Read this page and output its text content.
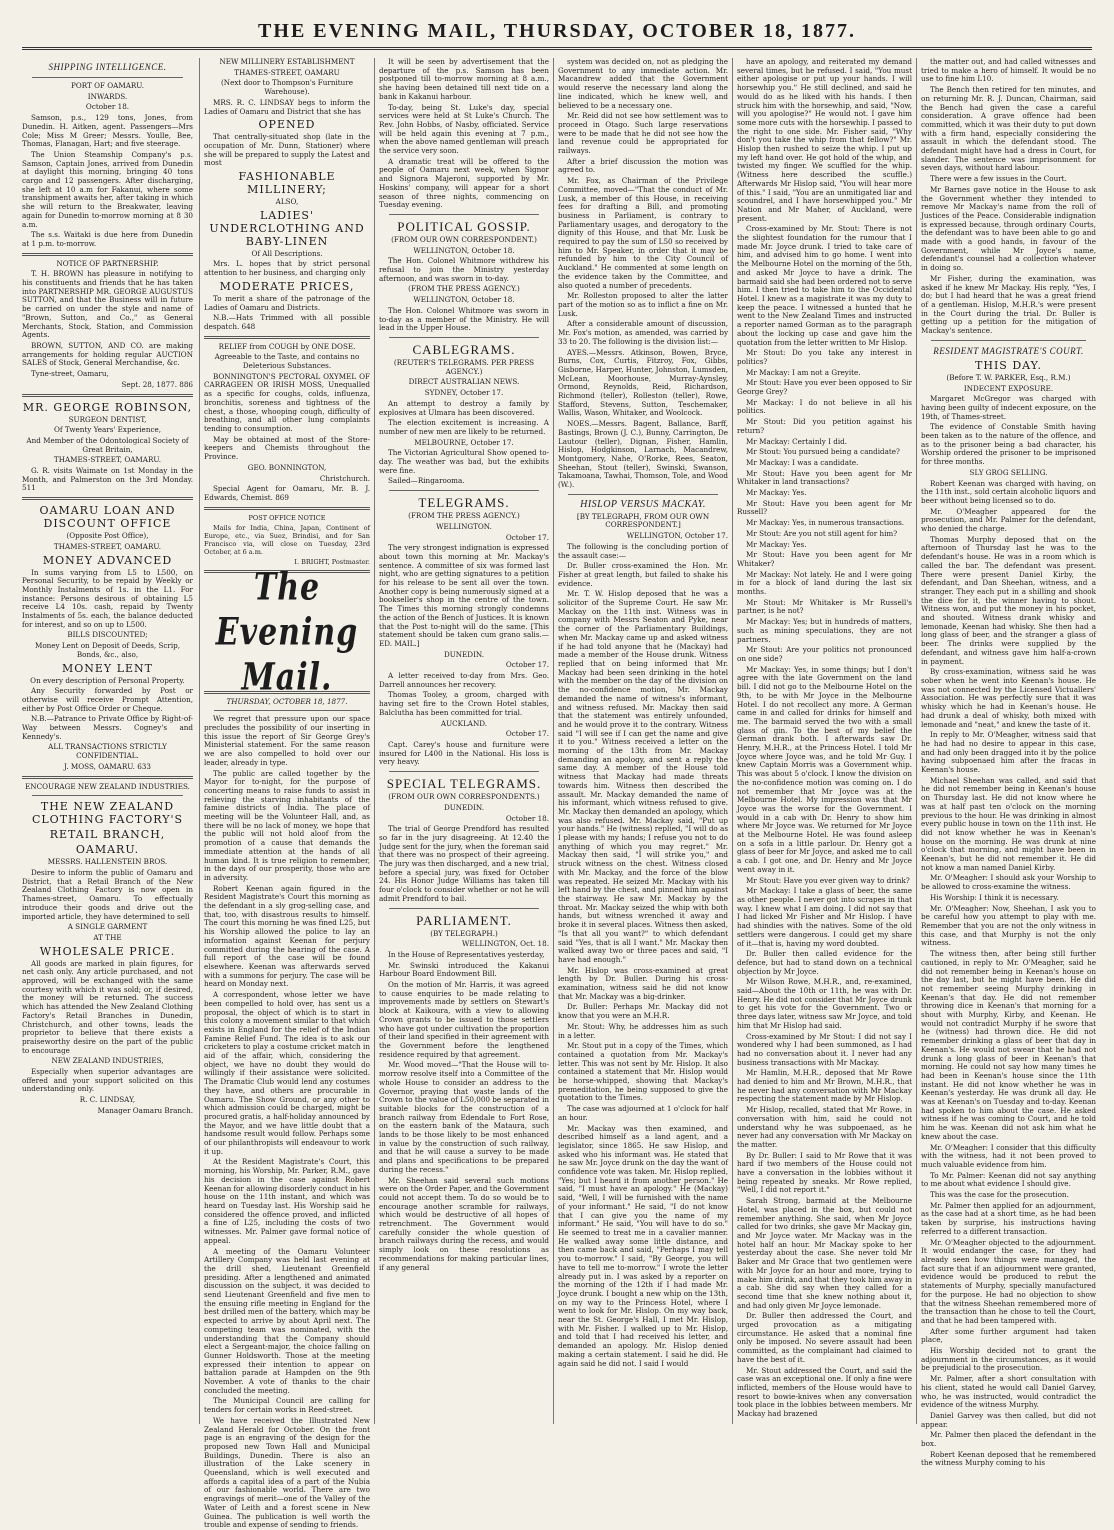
THE EVENING MAIL, THURSDAY, OCTOBER 18, 1877.
SHIPPING INTELLIGENCE.

PORT OF OAMARU.

INWARDS.

October 18.

Samson, p.s., 129 tons, Jones, from Dunedin. H. Aitken, agent. Passengers—Mrs Cole; Miss M Greer; Messrs. Youlle, Bee, Thomas, Flanagan, Hart; and five steerage.

The Union Steamship Company's p.s. Samson, Captain Jones, arrived from Dunedin at daylight this morning, bringing 40 tons cargo and 12 passengers. After discharging, she left at 10 a.m for Fakanui, where some transhipment awaits her, after taking in which she will return to the Breakwater, leaving again for Dunedin to-morrow morning at 8 30 a.m.

The s.s. Waitaki is due here from Dunedin at 1 p.m. to-morrow.

NOTICE OF PARTNERSHIP.

T. H. BROWN has pleasure in notifying to his constituents and friends that he has taken into PARTNERSHIP MR. GEORGE AUGUSTUS SUTTON, and that the Business will in future be carried on under the style and name of "Brown, Sutton, and Co.," as General Merchants, Stock, Station, and Commission Agents.

BROWN, SUTTON, AND CO. are making arrangements for holding regular AUCTION SALES of Stock, General Merchandise, &c.

Tyne-street, Oamaru,

Sept. 28, 1877. 886

MR. GEORGE ROBINSON,

SURGEON DENTIST,

Of Twenty Years' Experience,

And Member of the Odontological Society of Great Britain,

THAMES-STREET, OAMARU.

G. R. visits Waimate on 1st Monday in the Month, and Palmerston on the 3rd Monday. 511

OAMARU LOAN AND DISCOUNT OFFICE

(Opposite Post Office),

THAMES-STREET, OAMARU.

MONEY ADVANCED

In sums varying from L5 to L500, on Personal Security, to be repaid by Weekly or Monthly Instalments of 1s. in the L1. For instance: Persons desirous of obtaining L5 receive L4 10s. cash, repaid by Twenty Instalments of 5s. each, the balance deducted for interest, and so on up to L500.

BILLS DISCOUNTED;

Money Lent on Deposit of Deeds, Scrip, Bonds, &c., also,

MONEY LENT

On every description of Personal Property.

Any Security forwarded by Post or otherwise will receive Prompt Attention, either by Post Office Order or Cheque.

N.B.—Patrance to Private Office by Right-of-Way between Messrs. Cogney's and Kennedy's.

ALL TRANSACTIONS STRICTLY CONFIDENTIAL.

J. MOSS, OAMARU. 633

ENCOURAGE NEW ZEALAND INDUSTRIES.

THE NEW ZEALAND CLOTHING FACTORY'S

RETAIL BRANCH,

OAMARU.

MESSRS. HALLENSTEIN BROS.

Desire to inform the public of Oamaru and District, that a Retail Branch of the New Zealand Clothing Factory is now open in Thames-street, Oamaru. To effectually introduce their goods and drive out the imported article, they have determined to sell

A SINGLE GARMENT

AT THE

WHOLESALE PRICE.

All goods are marked in plain figures, for net cash only. Any article purchased, and not approved, will be exchanged with the same courtesy with which it was sold; or, if desired, the money will be returned. The success which has attended the New Zealand Clothing Factory's Retail Branches in Dunedin, Christchurch, and other towns, leads the proprietor to believe that there exists a praiseworthy desire on the part of the public to encourage

NEW ZEALAND INDUSTRIES,

Especially when superior advantages are offered and your support solicited on this understanding only.

R. C. LINDSAY,

Manager Oamaru Branch.

NEW MILLINERY ESTABLISHMENT

THAMES-STREET, OAMARU

(Next door to Thompson's Furniture Warehouse).

MRS. R. C. LINDSAY begs to inform the Ladies of Oamaru and District that she has

OPENED

That centrally-situated shop (late in the occupation of Mr. Dunn, Stationer) where she will be prepared to supply the Latest and most

FASHIONABLE MILLINERY;

ALSO,

LADIES' UNDERCLOTHING AND BABY-LINEN

Of All Descriptions.

Mrs. L. hopes that by strict personal attention to her business, and charging only

MODERATE PRICES,

To merit a share of the patronage of the Ladies of Oamaru and Districts.

N.B.—Hats Trimmed with all possible despatch. 648

RELIEF from COUGH by ONE DOSE.

Agreeable to the Taste, and contains no Deleterious Substances.

BONNINGTON'S PECTORAL OXYMEL OF CARRAGEEN OR IRISH MOSS, Unequalled as a specific for coughs, colds, influenza, bronchitis, soreness and tightness of the chest, a those, whooping cough, difficulty of breathing, and all other lung complaints tending to consumption.

May be obtained at most of the Store-keepers and Chemists throughout the Province.

GEO. BONNINGTON,

Christchurch.

Special Agent for Oamaru, Mr. B. J. Edwards, Chemist. 869

POST OFFICE NOTICE

Mails for India, China, Japan, Continent of Europe, etc., via Suez, Brindisi, and for San Francisco via, will close on Tuesday, 23rd October, at 6 a.m.

I. BRIGHT, Postmaster.

The Evening Mail.

THURSDAY, OCTOBER 18, 1877.

We regret that pressure upon our space precludes the possibility of our inserting in this issue the report of Sir George Grey's Ministerial statement. For the same reason we are also compelled to hold over our leader, already in type.

The public are called together by the Mayor for to-night, for the purpose of concerting means to raise funds to assist in relieving the starving inhabitants of the famine districts of India. The place of meeting will be the Volunteer Hall, and, as there will be no lack of money, we hope that the public will not hold aloof from the promotion of a cause that demands the immediate attention at the hands of all human kind. It is true religion to remember, in the days of our prosperity, those who are in adversity.

Robert Keenan again figured in the Resident Magistrate's Court this morning as the defendant in a sly grog-selling case, and that, too, with disastrous results to himself. The court this morning he was fined L25, but his Worship allowed the police to lay an information against Keenan for perjury committed during the hearing of the case. A full report of the case will be found elsewhere. Keenan was afterwards served with a summons for perjury. The case will be heard on Monday next.

A correspondent, whose letter we have been compelled to hold over, has sent us a proposal, the object of which is to start in this colony a movement similar to that which exists in England for the relief of the Indian Famine Relief Fund. The idea is to ask our cricketers to play a costume cricket match in aid of the affair, which, considering the object, we have no doubt they would do willingly if their assistance were solicited. The Dramatic Club would lend any costumes they have, and others are procurable in Oamaru. The Show Ground, or any other to which admission could be charged, might be procured gratis, a half-holiday announced by the Mayor, and we have little doubt that a handsome result would follow. Perhaps some of our philanthropists will endeavour to work it up.

At the Resident Magistrate's Court, this morning, his Worship, Mr. Parker, R.M., gave his decision in the case against Robert Keenan for allowing disorderly conduct in his house on the 11th instant, and which was heard on Tuesday last. His Worship said he considered the offence proved, and inflicted a fine of L25, including the costs of two witnesses. Mr. Palmer gave formal notice of appeal.

A meeting of the Oamaru Volunteer Artillery Company was held last evening at the drill shed, Lieutenant Greenfield presiding. After a lengthened and animated discussion on the subject, it was decided to send Lieutenant Greenfield and five men to the ensuing rifle meeting in England for the best drilled men of the battery, which may be expected to arrive by about April next. The competing team was nominated, with the understanding that the Company should elect a Sergeant-major, the choice falling on Gunner Holdsworth. Those at the meeting expressed their intention to appear on battalion parade at Hampden on the 9th November. A vote of thanks to the chair concluded the meeting.

The Municipal Council are calling for tenders for certain works in Reed-street.

We have received the Illustrated New Zealand Herald for October. On the front page is an engraving of the design for the proposed new Town Hall and Municipal Buildings, Dunedin. There is also an illustration of the Lake scenery in Queensland, which is well executed and affords a capital idea of a part of the Nubia of our fashionable world. There are two engravings of merit—one of the Valley of the Water of Leith and a forest scene in New Guinea. The publication is well worth the trouble and expense of sending to friends.

It will be seen by advertisement that the departure of the p.s. Samson has been postponed till to-morrow morning at 8 a.m., she having been detained till next tide on a bank in Kakanui harbour.

To-day, being St. Luke's day, special services were held at St Luke's Church. The Rev. John Hobbs, of Nasby, officiated. Service will be held again this evening at 7 p.m., when the above named gentleman will preach the service very soon.

A dramatic treat will be offered to the people of Oamaru next week, when Signor and Signora Majeroni, supported by Mr. Hoskins' company, will appear for a short season of three nights, commencing on Tuesday evening.

POLITICAL GOSSIP.

(FROM OUR OWN CORRESPONDENT.)

WELLINGTON, October 18.

The Hon. Colonel Whitmore withdrew his refusal to join the Ministry yesterday afternoon, and was sworn in to-day.

(FROM THE PRESS AGENCY.)

WELLINGTON, October 18.

The Hon. Colonel Whitmore was sworn in to-day as a member of the Ministry. He will lead in the Upper House.

CABLEGRAMS.

(REUTER'S TELEGRAMS. PER PRESS AGENCY.)

DIRECT AUSTRALIAN NEWS.

SYDNEY, October 17.

An attempt to destroy a family by explosives at Ulmara has been discovered.

The election excitement is increasing. A number of new men are likely to be returned.

MELBOURNE, October 17.

The Victorian Agricultural Show opened to-day. The weather was bad, but the exhibits were fine.

Sailed—Ringarooma.

TELEGRAMS.

(FROM THE PRESS AGENCY.)

WELLINGTON.

October 17.

The very strongest indignation is expressed about town this morning at Mr. Mackay's sentence. A committee of six was formed last night, who are getting signatures to a petition for his release to be sent all over the town. Another copy is being numerously signed at a bookseller's shop in the centre of the town. The Times this morning strongly condemns the action of the Bench of Justices. It is known that the Post to-night will do the same. [This statement should be taken cum grano salis.—ED. MAIL.]

DUNEDIN.

October 17.

A letter received to-day from Mrs. Geo. Darrell announces her recovery.

Thomas Tooley, a groom, charged with having set fire to the Crown Hotel stables, Balclutha has been committed for trial.

AUCKLAND.

October 17.

Capt. Carey's house and furniture were insured for L400 in the National. His loss is very heavy.

SPECIAL TELEGRAMS.

(FROM OUR OWN CORRESPONDENTS.)

DUNEDIN.

October 18.

The trial of George Prendford has resulted so far in the jury disagreeing. At 12.40 the Judge sent for the jury, when the foreman said that there was no prospect of their agreeing. The jury was then discharged, and a new trial, before a special jury, was fixed for October 24. His Honor Judge Williams has taken till four o'clock to consider whether or not he will admit Prendford to bail.

PARLIAMENT.

(BY TELEGRAPH.)

WELLINGTON, Oct. 18.

In the House of Representatives yesterday,

Mr. Swinski introduced the Kakanui Harbour Board Endowment Bill.

On the motion of Mr. Harris, it was agreed to cause enquiries to be made relating to improvements made by settlers on Stewart's block at Kaikoura, with a view to allowing Crown grants to be issued to those settlers who have got under cultivation the proportion of their land specified in their agreement with the Government before the lengthened residence required by that agreement.

Mr. Wood moved—"That the House will to-morrow resolve itself into a Committee of the whole House to consider an address to the Governor, praying that waste lands of the Crown to the value of L50,000 be separated in suitable blocks for the construction of a branch railway from Edendale to Fort Rose, on the eastern bank of the Mataura, such lands to be those likely to be most enhanced in value by the construction of such railway, and that he will cause a survey to be made and plans and specifications to be prepared during the recess."

Mr. Sheehan said several such motions were on the Order Paper, and the Government could not accept them. To do so would be to encourage another scramble for railways, which would be destructive of all hopes of retrenchment. The Government would carefully consider the whole question of branch railways during the recess, and would simply look on these resolutions as recommendations for making particular lines, if any general

system was decided on, not as pledging the Government to any immediate action. Mr. Macandrew added that the Government would reserve the necessary land along the line indicated, which he knew well, and believed to be a necessary one.

Mr. Reid did not see how settlement was to proceed in Otago. Such large reservations were to be made that he did not see how the land revenue could be appropriated for railways.

After a brief discussion the motion was agreed to.

Mr. Fox, as Chairman of the Privilege Committee, moved—"That the conduct of Mr. Lusk, a member of this House, in receiving fees for drafting a Bill, and promoting business in Parliament, is contrary to Parliamentary usages, and derogatory to the dignity of this House, and that Mr. Lusk be required to pay the sum of L50 so received by him to Mr. Speaker, in order that it may be refunded by him to the City Council of Auckland." He commented at some length on the evidence taken by the Committee, and also quoted a number of precedents.

Mr. Rolleston proposed to alter the latter part of the motion so as to inflict a fine on Mr. Lusk.

After a considerable amount of discussion, Mr. Fox's motion, as amended, was carried by 33 to 20. The following is the division list:—

AYES.—Messrs. Atkinson, Bowen, Bryce, Burns, Cox, Curtis, Fitzroy, Fox, Gibbs, Gisborne, Harper, Hunter, Johnston, Lumsden, McLean, Moorhouse, Murray-Aynsley, Ormond, Reynolds, Reid, Richardson, Richmond (teller), Rolleston (teller), Rowe, Stafford, Stevens, Sutton, Teschemaker, Wallis, Wason, Whitaker, and Woolcock.

NOES.—Messrs. Bagent, Ballance, Barff, Bastings, Brown (J. C.), Bunny, Carrington, De Lautour (teller), Dignan, Fisher, Hamlin, Hislop, Hodgkinson, Larnach, Macandrew, Montgomery, Nahe, O'Rorke, Rees, Seaton, Sheehan, Stout (teller), Swinski, Swanson, Takamoana, Tawhai, Thomson, Tole, and Wood (W.).

HISLOP VERSUS MACKAY.

[BY TELEGRAPH, FROM OUR OWN CORRESPONDENT.]

WELLINGTON, October 17.

The following is the concluding portion of the assault case:—

Dr. Buller cross-examined the Hon. Mr. Fisher at great length, but failed to shake his evidence.

Mr. T. W. Hislop deposed that he was a solicitor of the Supreme Court. He saw Mr. Mackay on the 11th inst. Witness was in company with Messrs Seaton and Pyke, near the corner of the Parliamentary Buildings, when Mr. Mackay came up and asked witness if he had told anyone that he (Mackay) had made a member of the House drunk. Witness replied that on being informed that Mr. Mackay had been seen drinking in the hotel with the member on the day of the division on the no-confidence motion, Mr. Mackay demanded the name of witness's informant, and witness refused. Mr. Mackay then said that the statement was entirely unfounded, and he would prove it to the contrary. Witness said "I will see if I can get the name and give it to you." Witness received a letter on the morning of the 13th from Mr. Mackay demanding an apology, and sent a reply the same day. A member of the House told witness that Mackay had made threats towards him. Witness then described the assault. Mr. Mackay demanded the name of his informant, which witness refused to give. Mr. Mackay then demanded an apology, which was also refused. Mr. Mackay said, "Put up your hands." He (witness) replied, "I will do as I please with my hands; I refuse you not to do anything of which you may regret." Mr. Mackay then said, "I will strike you," and struck witness on the chest. Witness closed with Mr. Mackay, and the force of the blow was repeated. He seized Mr. Mackay with his left hand by the chest, and pinned him against the stairway. He saw Mr. Mackay by the throat. Mr. Mackay seized the whip with both hands, but witness wrenched it away and broke it in several places. Witness then asked, "Is that all you want?" to which defendant said "Yes, that is all I want." Mr. Mackay then walked away two or three paces and said, "I have had enough."

Mr. Hislop was cross-examined at great length by Dr. Buller. During his cross-examination, witness said he did not know that Mr. Mackay was a big-drinker.

Dr. Buller: Perhaps Mr. Mackay did not know that you were an M.H.R.

Mr. Stout: Why, he addresses him as such in a letter.

Mr. Stout put in a copy of the Times, which contained a quotation from Mr. Mackay's letter. This was not sent by Mr. Hislop. It also contained a statement that Mr. Hislop would be horse-whipped, showing that Mackay's premeditation, he being supposed to give the quotation to the Times.

The case was adjourned at 1 o'clock for half an hour.

Mr. Mackay was then examined, and described himself as a land agent, and a legislator, since 1865. He saw Hislop, and asked who his informant was. He stated that he saw Mr. Joyce drunk on the day the want of confidence vote was taken. Mr. Hislop replied, "Yes; but I heard it from another person." He said, "I must have an apology." He (Mackay) said, "Well, I will be furnished with the name of your informant." He said, "I do not know that I can give you the name of my informant." He said, "You will have to do so." He seemed to treat me in a cavalier manner. He walked away some little distance, and then came back and said, "Perhaps I may tell you to-morrow." I said, "By George, you will have to tell me to-morrow." I wrote the letter already put in. I was asked by a reporter on the morning of the 12th if I had made Mr. Joyce drunk. I bought a new whip on the 13th, on my way to the Princess Hotel, where I went to look for Mr. Hislop. On my way back, near the St. George's Hall, I met Mr. Hislop, with Mr. Fisher. I walked up to Mr. Hislop, and told that I had received his letter, and demanded an apology. Mr. Hislop denied making a certain statement. I said he did. He again said he did not. I said I would

have an apology, and reiterated my demand several times, but he refused. I said, "You must either apologise or put up your hands. I will horsewhip you." He still declined, and said he would do as he liked with his hands. I then struck him with the horsewhip, and said, "Now, will you apologise?" He would not. I gave him some more cuts with the horsewhip. I passed to the right to one side. Mr. Fisher said, "Why don't you take the whip from that fellow?" Mr. Hislop then rushed to seize the whip. I put up my left hand over. He got hold of the whip, and twisted my finger. We scuffled for the whip. (Witness here described the scuffle.) Afterwards Mr Hislop said, "You will hear more of this." I said, "You are an unmitigated liar and scoundrel, and I have horsewhipped you." Mr Nation and Mr Maher, of Auckland, were present.

Cross-examined by Mr. Stout: There is not the slightest foundation for the rumour that I made Mr. Joyce drunk. I tried to take care of him, and advised him to go home. I went into the Melbourne Hotel on the morning of the 5th, and asked Mr Joyce to have a drink. The barmaid said she had been ordered not to serve him. I then tried to take him to the Occidental Hotel. I knew as a magistrate it was my duty to keep the peace. I witnessed a hunted that he went to the New Zealand Times and instructed a reporter named Gorman as to the paragraph about the locking up case and gave him the quotation from the letter written to Mr Hislop.

Mr Stout: Do you take any interest in politics?

Mr Mackay: I am not a Greyite.

Mr Stout: Have you ever been opposed to Sir George Grey?

Mr Mackay: I do not believe in all his politics.

Mr Stout: Did you petition against his return?

Mr Mackay: Certainly I did.

Mr Stout: You pursued being a candidate?

Mr Mackay: I was a candidate.

Mr Stout: Have you been agent for Mr Whitaker in land transactions?

Mr Mackay: Yes.

Mr Stout: Have you been agent for Mr Russell?

Mr Mackay: Yes, in numerous transactions.

Mr Stout: Are you not still agent for him?

Mr Mackay: Yes.

Mr Stout: Have you been agent for Mr Whitaker?

Mr Mackay: Not lately. He and I were going in for a block of land during the last six months.

Mr Stout: Mr Whitaker is Mr Russell's partner, is he not?

Mr Mackay: Yes; but in hundreds of matters, such as mining speculations, they are not partners.

Mr Stout: Are your politics not pronounced on one side?

Mr Mackay: Yes, in some things; but I don't agree with the late Government on the land bill. I did not go to the Melbourne Hotel on the 9th, to be with Mr Joyce in the Melbourne Hotel. I do not recollect any more. A German came in and called for drinks for himself and me. The barmaid served the two with a small glass of gin. To the best of my belief the German drank both. I afterwards saw Dr. Henry, M.H.R., at the Princess Hotel. I told Mr Joyce where Joyce was, and he told Mr Guy. I knew Captain Morris was a Government whip. This was about 5 o'clock. I know the division on the no-confidence motion was coming on. I do not remember that Mr Joyce was at the Melbourne Hotel. My impression was that Mr Joyce was the worse for the Government. I would in a cab with Dr. Henry to show him where Mr Joyce was. We returned for Mr Joyce at the Melbourne Hotel. He was found asleep on a sofa in a little parlour. Dr. Henry got a glass of beer for Mr Joyce, and asked me to call a cab. I got one, and Dr. Henry and Mr Joyce went away in it.

Mr Stout: Have you ever given way to drink?

Mr Mackay: I take a glass of beer, the same as other people. I never got into scrapes in that way. I knew what I am doing. I did not say that I had licked Mr Fisher and Mr Hislop. I have had shindies with the natives. Some of the old settlers were dangerous. I could get my share of it—that is, having my word doubted.

Dr. Buller then called evidence for the defence, but had to stand down on a technical objection by Mr Joyce.

Mr Wilson Rowe, M.H.R., and, re-examined, said—About the 10th or 11th, he was with Dr. Henry. He did not consider that Mr Joyce drunk to get his vote for the Government. Two or three days later, witness saw Mr Joyce, and told him that Mr Hislop had said.

Cross-examined by Mr Stout: I did not say I wondered why I had been summoned, as I had had no conversation about it. I never had any business transactions with Mr Mackay.

Mr Hamlin, M.H.R., deposed that Mr Rowe had denied to him and Mr Brown, M.H.R., that he never had any conversation with Mr Mackay respecting the statement made by Mr Hislop.

Mr Hislop, recalled, stated that Mr Rowe, in conversation with him, said he could not understand why he was subpoenaed, as he never had any conversation with Mr Mackay on the matter.

By Dr. Buller: I said to Mr Rowe that it was hard if two members of the House could not have a conversation in the lobbies without it being repeated by sneaks. Mr Rowe replied, "Well, I did not report it."

Sarah Strong, barmaid at the Melbourne Hotel, was placed in the box, but could not remember anything. She said, when Mr Joyce called for two drinks, she gave Mr Mackay gin, and Mr Joyce water. Mr Mackay was in the hotel half an hour. Mr Mackay spoke to her yesterday about the case. She never told Mr Baker and Mr Grace that two gentlemen were with Mr Joyce for an hour and more, trying to make him drink, and that they took him away in a cab. She did say when they called for a second time that she knew nothing about it, and had only given Mr Joyce lemonade.

Dr. Buller then addressed the Court, and urged provocation as a mitigating circumstance. He asked that a nominal fine only be imposed. No severe assault had been committed, as the complainant had claimed to have the best of it.

Mr. Stout addressed the Court, and said the case was an exceptional one. If only a fine were inflicted, members of the House would have to resort to bowie-knives when any conversation took place in the lobbies between members. Mr Mackay had brazened

the matter out, and had called witnesses and tried to make a hero of himself. It would be no use to fine him L10.

The Bench then retired for ten minutes, and on returning Mr. R. J. Duncan, Chairman, said the Bench had given the case a careful consideration. A grave offence had been committed, which it was their duty to put down with a firm hand, especially considering the assault in which the defendant stood. The defendant might have had a dress in Court, for slander. The sentence was imprisonment for seven days, without hard labour.

There were a few issues in the Court.

Mr Barnes gave notice in the House to ask the Government whether they intended to remove Mr Mackay's name from the roll of Justices of the Peace. Considerable indignation is expressed because, through ordinary Courts, the defendant was to have been able to go and made with a good hands, in favour of the Government, while Mr Joyce's name, defendant's counsel had a collection whatever in doing so.

Mr Fisher, during the examination, was asked if he knew Mr Mackay. His reply, "Yes, I do; but I had heard that he was a great friend of a gentleman. Hislop, M.H.R.'s were present in the Court during the trial. Dr. Buller is getting up a petition for the mitigation of Mackay's sentence.

RESIDENT MAGISTRATE'S COURT.

THIS DAY.

(Before T. W. PARKER, Esq., R.M.)

INDECENT EXPOSURE.

Margaret McGregor was charged with having been guilty of indecent exposure, on the 19th, of Thames-street.

The evidence of Constable Smith having been taken as to the nature of the offence, and as to the prisoner being a bad character, his Worship ordered the prisoner to be imprisoned for three months.

SLY GROG SELLING.

Robert Keenan was charged with having, on the 11th inst., sold certain alcoholic liquors and beer without being licensed so to do.

Mr. O'Meagher appeared for the prosecution, and Mr. Palmer for the defendant, who denied the charge.

Thomas Murphy deposed that on the afternoon of Thursday last he was to the defendant's house. He was in a room which is called the bar. The defendant was present. There were present Daniel Kirby, the defendant, and Dan Sheehan, witness, and a stranger. They each put in a shilling and shook the dice for it, the winner having to shout. Witness won, and put the money in his pocket, and shouted. Witness drank whisky and lemonade, Keenan had whisky. She then had a long glass of beer, and the stranger a glass of beer. The drinks were supplied by the defendant, and witness gave him half-a-crown in payment.

By cross-examination, witness said he was sober when he went into Keenan's house. He was not connected by the Licensed Victuallers' Association. He was perfectly sure that it was whisky which he had in Keenan's house. He had drunk a deal of whisky, both mixed with lemonade and "neat," and knew the taste of it.

In reply to Mr. O'Meagher, witness said that he had had no desire to appear in this case, and had only been dragged into it by the police having subpoenaed him after the fracas in Keenan's house.

Michael Sheehan was called, and said that he did not remember being in Keenan's house on Thursday last. He did not know where he was at half past ten o'clock on the morning previous to the hour. He was drinking in almost every public house in town on the 11th inst. He did not know whether he was in Keenan's house on the morning. He was drunk at nine o'clock that morning, and might have been in Keenan's, but he did not remember it. He did not know a man named Daniel Kirby.

Mr. O'Meagher: I should ask your Worship to be allowed to cross-examine the witness.

His Worship: I think it is necessary.

Mr. O'Meagher: Now, Sheehan, I ask you to be careful how you attempt to play with me. Remember that you are not the only witness in this case, and that Murphy is not the only witness.

The witness then, after being still further cautioned, in reply to Mr. O'Meagher, said he did not remember being in Keenan's house on the day last, but he might have been. He did not remember seeing Murphy drinking in Keenan's that day. He did not remember throwing dice in Keenan's that morning for a shout with Murphy, Kirby, and Keenan. He would not contradict Murphy if he swore that he (witness) had thrown dice. He did not remember drinking a glass of beer that day in Keenan's. He would not swear that he had not drunk a long glass of beer in Keenan's that morning. He could not say how many times he had been in Keenan's house since the 11th instant. He did not know whether he was in Keenan's yesterday. He was drunk all day. He was at Keenan's on Tuesday and to-day. Keenan had spoken to him about the case. He asked witness if he was coming to Court, and he told him he was. Keenan did not ask him what he knew about the case.

Mr. O'Meagher: I consider that this difficulty with the witness, had it not been proved to much valuable evidence from him.

To Mr. Palmer: Keenan did not say anything to me about what evidence I should give.

This was the case for the prosecution.

Mr. Palmer then applied for an adjournment, as the case had at a short time, as he had been taken by surprise, his instructions having referred to a different transaction.

Mr. O'Meagher objected to the adjournment. It would endanger the case, for they had already seen how things were managed, the fact sure that if an adjournment were granted, evidence would be produced to rebut the statements of Murphy, specially manufactured for the purpose. He had no objection to show that the witness Sheehan remembered more of the transaction than he chose to tell the Court, and that he had been tampered with.

After some further argument had taken place,

His Worship decided not to grant the adjournment in the circumstances, as it would be prejudicial to the prosecution.

Mr. Palmer, after a short consultation with his client, stated he would call Daniel Garvey, who, he was instructed, would contradict the evidence of the witness Murphy.

Daniel Garvey was then called, but did not appear.

Mr. Palmer then placed the defendant in the box.

Robert Keenan deposed that he remembered the witness Murphy coming to his
